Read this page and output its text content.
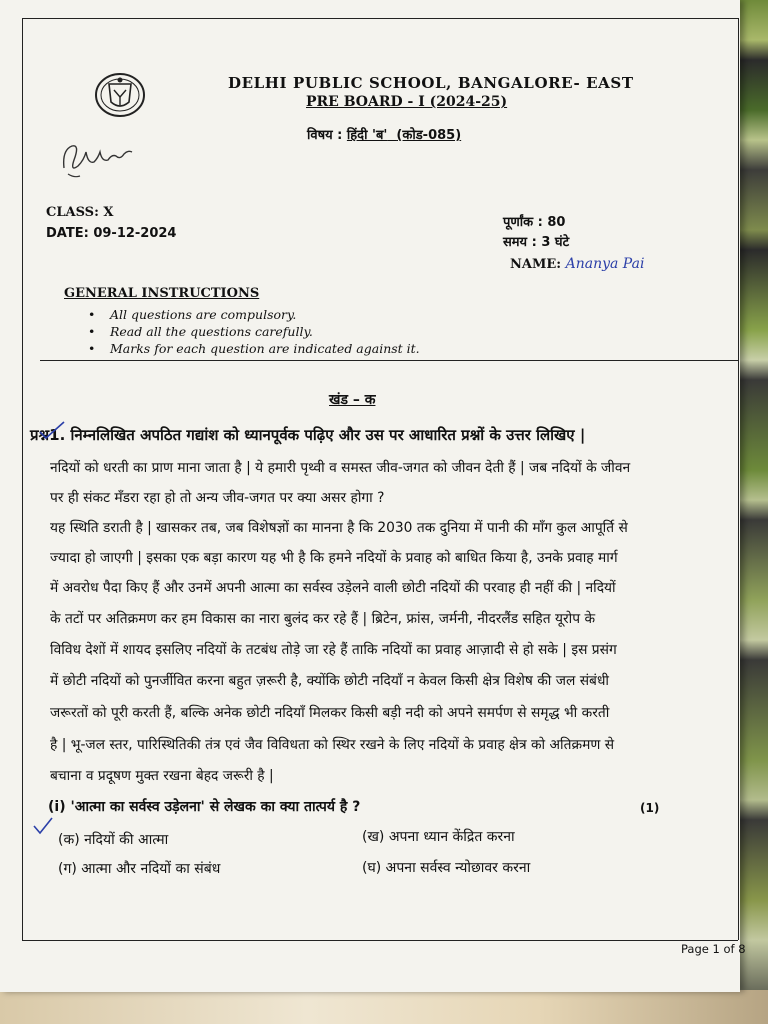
DELHI PUBLIC SCHOOL, BANGALORE- EAST
PRE BOARD - I (2024-25)
विषय : हिंदी 'ब' (कोड-085)
CLASS: X
DATE: 09-12-2024
पूर्णांक : 80
समय : 3 घंटे
NAME: Ananya Pai
GENERAL INSTRUCTIONS
• All questions are compulsory.
• Read all the questions carefully.
• Marks for each question are indicated against it.
खंड – क
प्रश्न1. निम्नलिखित अपठित गद्यांश को ध्यानपूर्वक पढ़िए और उस पर आधारित प्रश्नों के उत्तर लिखिए |
नदियों को धरती का प्राण माना जाता है | ये हमारी पृथ्वी व समस्त जीव-जगत को जीवन देती हैं | जब नदियों के जीवन
पर ही संकट मँडरा रहा हो तो अन्य जीव-जगत पर क्या असर होगा ?
यह स्थिति डराती है | खासकर तब, जब विशेषज्ञों का मानना है कि 2030 तक दुनिया में पानी की माँग कुल आपूर्ति से
ज्यादा हो जाएगी | इसका एक बड़ा कारण यह भी है कि हमने नदियों के प्रवाह को बाधित किया है, उनके प्रवाह मार्ग
में अवरोध पैदा किए हैं और उनमें अपनी आत्मा का सर्वस्व उड़ेलने वाली छोटी नदियों की परवाह ही नहीं की | नदियों
के तटों पर अतिक्रमण कर हम विकास का नारा बुलंद कर रहे हैं | ब्रिटेन, फ्रांस, जर्मनी, नीदरलैंड सहित यूरोप के
विविध देशों में शायद इसलिए नदियों के तटबंध तोड़े जा रहे हैं ताकि नदियों का प्रवाह आज़ादी से हो सके | इस प्रसंग
में छोटी नदियों को पुनर्जीवित करना बहुत ज़रूरी है, क्योंकि छोटी नदियाँ न केवल किसी क्षेत्र विशेष की जल संबंधी
जरूरतों को पूरी करती हैं, बल्कि अनेक छोटी नदियाँ मिलकर किसी बड़ी नदी को अपने समर्पण से समृद्ध भी करती
है | भू-जल स्तर, पारिस्थितिकी तंत्र एवं जैव विविधता को स्थिर रखने के लिए नदियों के प्रवाह क्षेत्र को अतिक्रमण से
बचाना व प्रदूषण मुक्त रखना बेहद जरूरी है |
(i) 'आत्मा का सर्वस्व उड़ेलना' से लेखक का क्या तात्पर्य है ?	(1)
(क) नदियों की आत्मा	(ख) अपना ध्यान केंद्रित करना
(ग) आत्मा और नदियों का संबंध	(घ) अपना सर्वस्व न्योछावर करना
Page 1 of 8
